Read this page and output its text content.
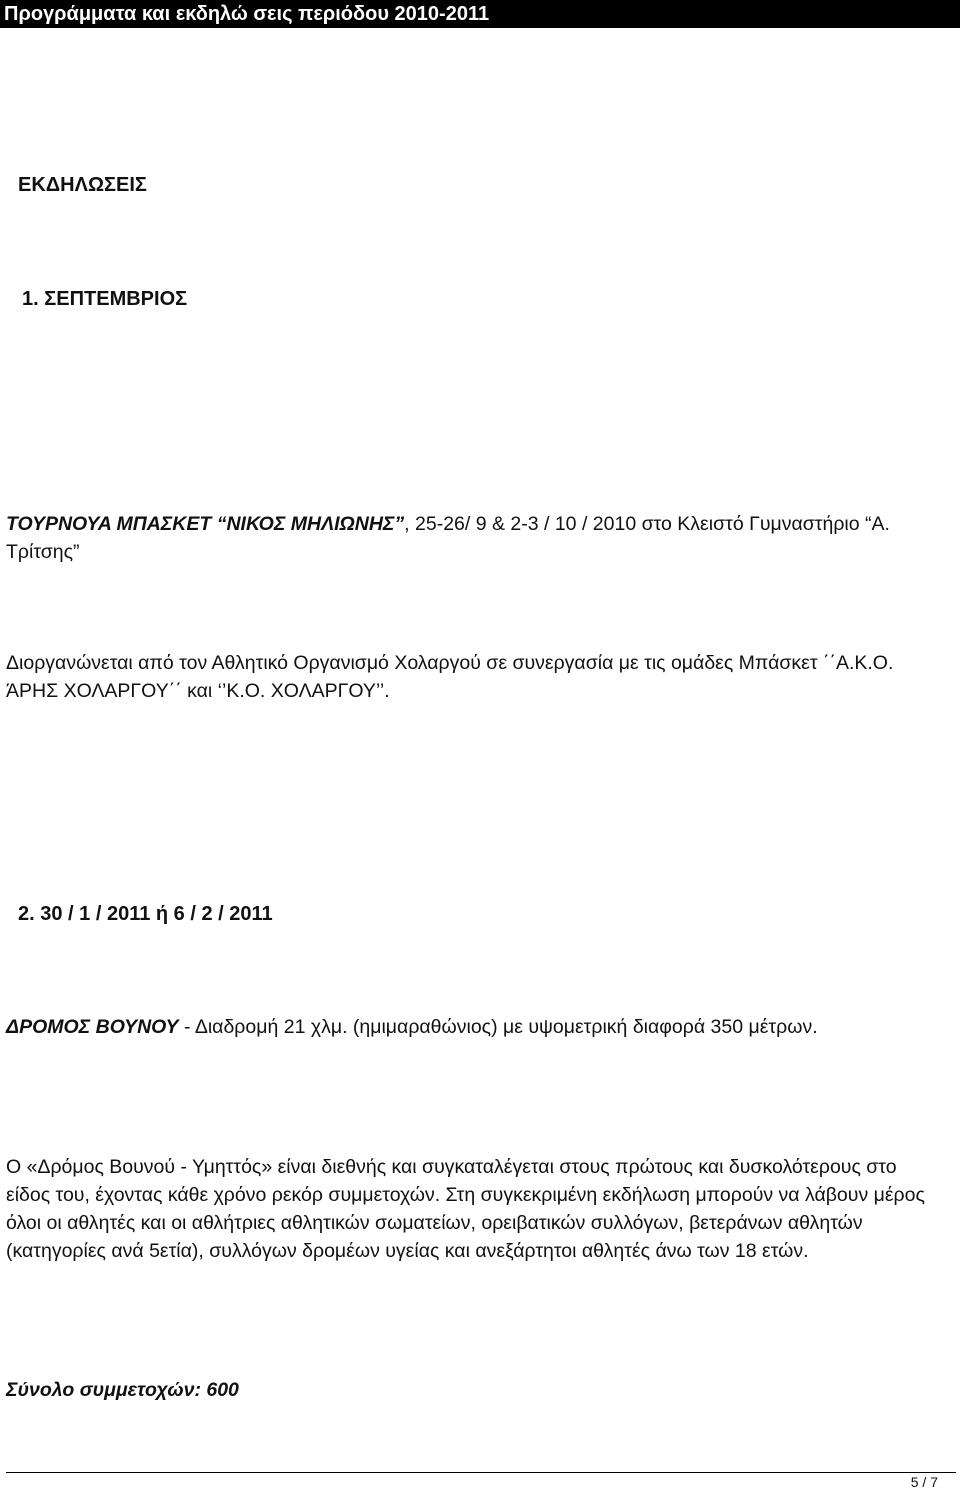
Προγράμματα και εκδηλώ σεις περιόδου 2010-2011
ΕΚΔΗΛΩΣΕΙΣ
1. ΣΕΠΤΕΜΒΡΙΟΣ
ΤΟΥΡΝΟΥΑ ΜΠΑΣΚΕΤ “ΝΙΚΟΣ ΜΗΛΙΩΝΗΣ”, 25-26/ 9 & 2-3 / 10 / 2010 στο Κλειστό Γυμναστήριο “Α. Τρίτσης”
Διοργανώνεται από τον Αθλητικό Οργανισμό Χολαργού σε συνεργασία με τις ομάδες Μπάσκετ ΄΄Α.Κ.Ο. ΆΡΗΣ ΧΟΛΑΡΓΟΥ΄΄ και ‘’Κ.Ο. ΧΟΛΑΡΓΟΥ’’.
2. 30 / 1 / 2011 ή 6 / 2 / 2011
ΔΡΟΜΟΣ ΒΟΥΝΟΥ - Διαδρομή 21 χλμ. (ημιμαραθώνιος) με υψομετρική διαφορά 350 μέτρων.
Ο «Δρόμος Βουνού - Υμηττός» είναι διεθνής και συγκαταλέγεται στους πρώτους και δυσκολότερους στο είδος του, έχοντας κάθε χρόνο ρεκόρ συμμετοχών. Στη συγκεκριμένη εκδήλωση μπορούν να λάβουν μέρος όλοι οι αθλητές και οι αθλήτριες αθλητικών σωματείων, ορειβατικών συλλόγων, βετεράνων αθλητών (κατηγορίες ανά 5ετία), συλλόγων δρομέων υγείας και ανεξάρτητοι αθλητές άνω των 18 ετών.
Σύνολο συμμετοχών: 600
5 / 7
